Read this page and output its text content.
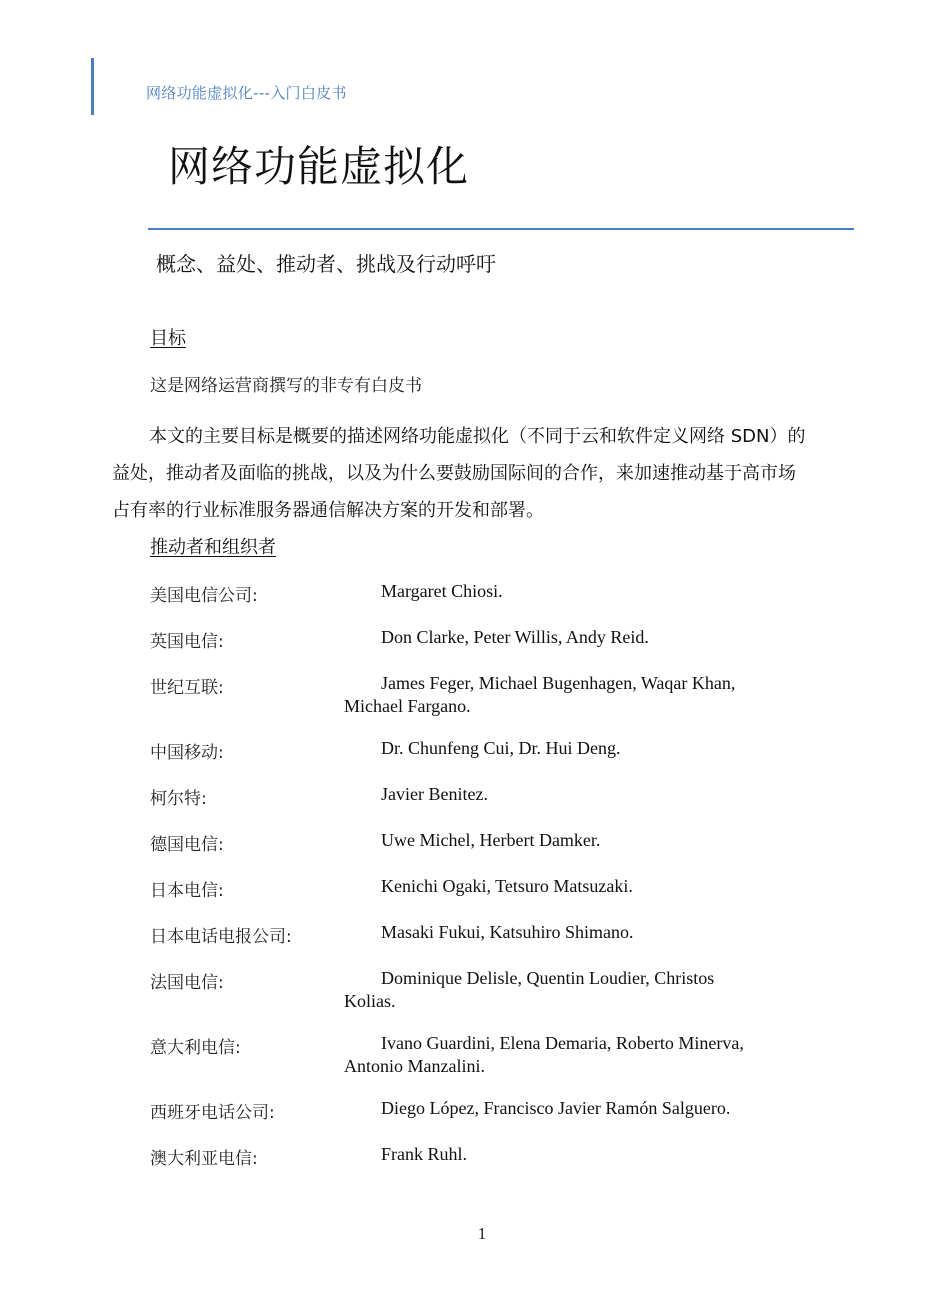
网络功能虚拟化---入门白皮书
网络功能虚拟化
概念、益处、推动者、挑战及行动呼吁
目标
这是网络运营商撰写的非专有白皮书
本文的主要目标是概要的描述网络功能虚拟化（不同于云和软件定义网络 SDN）的益处，推动者及面临的挑战，以及为什么要鼓励国际间的合作，来加速推动基于高市场占有率的行业标准服务器通信解决方案的开发和部署。
推动者和组织者
美国电信公司:	Margaret Chiosi.
英国电信:	Don Clarke, Peter Willis, Andy Reid.
世纪互联:	James Feger, Michael Bugenhagen, Waqar Khan, Michael Fargano.
中国移动:	Dr. Chunfeng Cui, Dr. Hui Deng.
柯尔特:	Javier Benitez.
德国电信:	Uwe Michel, Herbert Damker.
日本电信:	Kenichi Ogaki, Tetsuro Matsuzaki.
日本电话电报公司:	Masaki Fukui, Katsuhiro Shimano.
法国电信:	Dominique Delisle, Quentin Loudier, Christos Kolias.
意大利电信:	Ivano Guardini, Elena Demaria, Roberto Minerva, Antonio Manzalini.
西班牙电话公司:	Diego López, Francisco Javier Ramón Salguero.
澳大利亚电信:	Frank Ruhl.
1
